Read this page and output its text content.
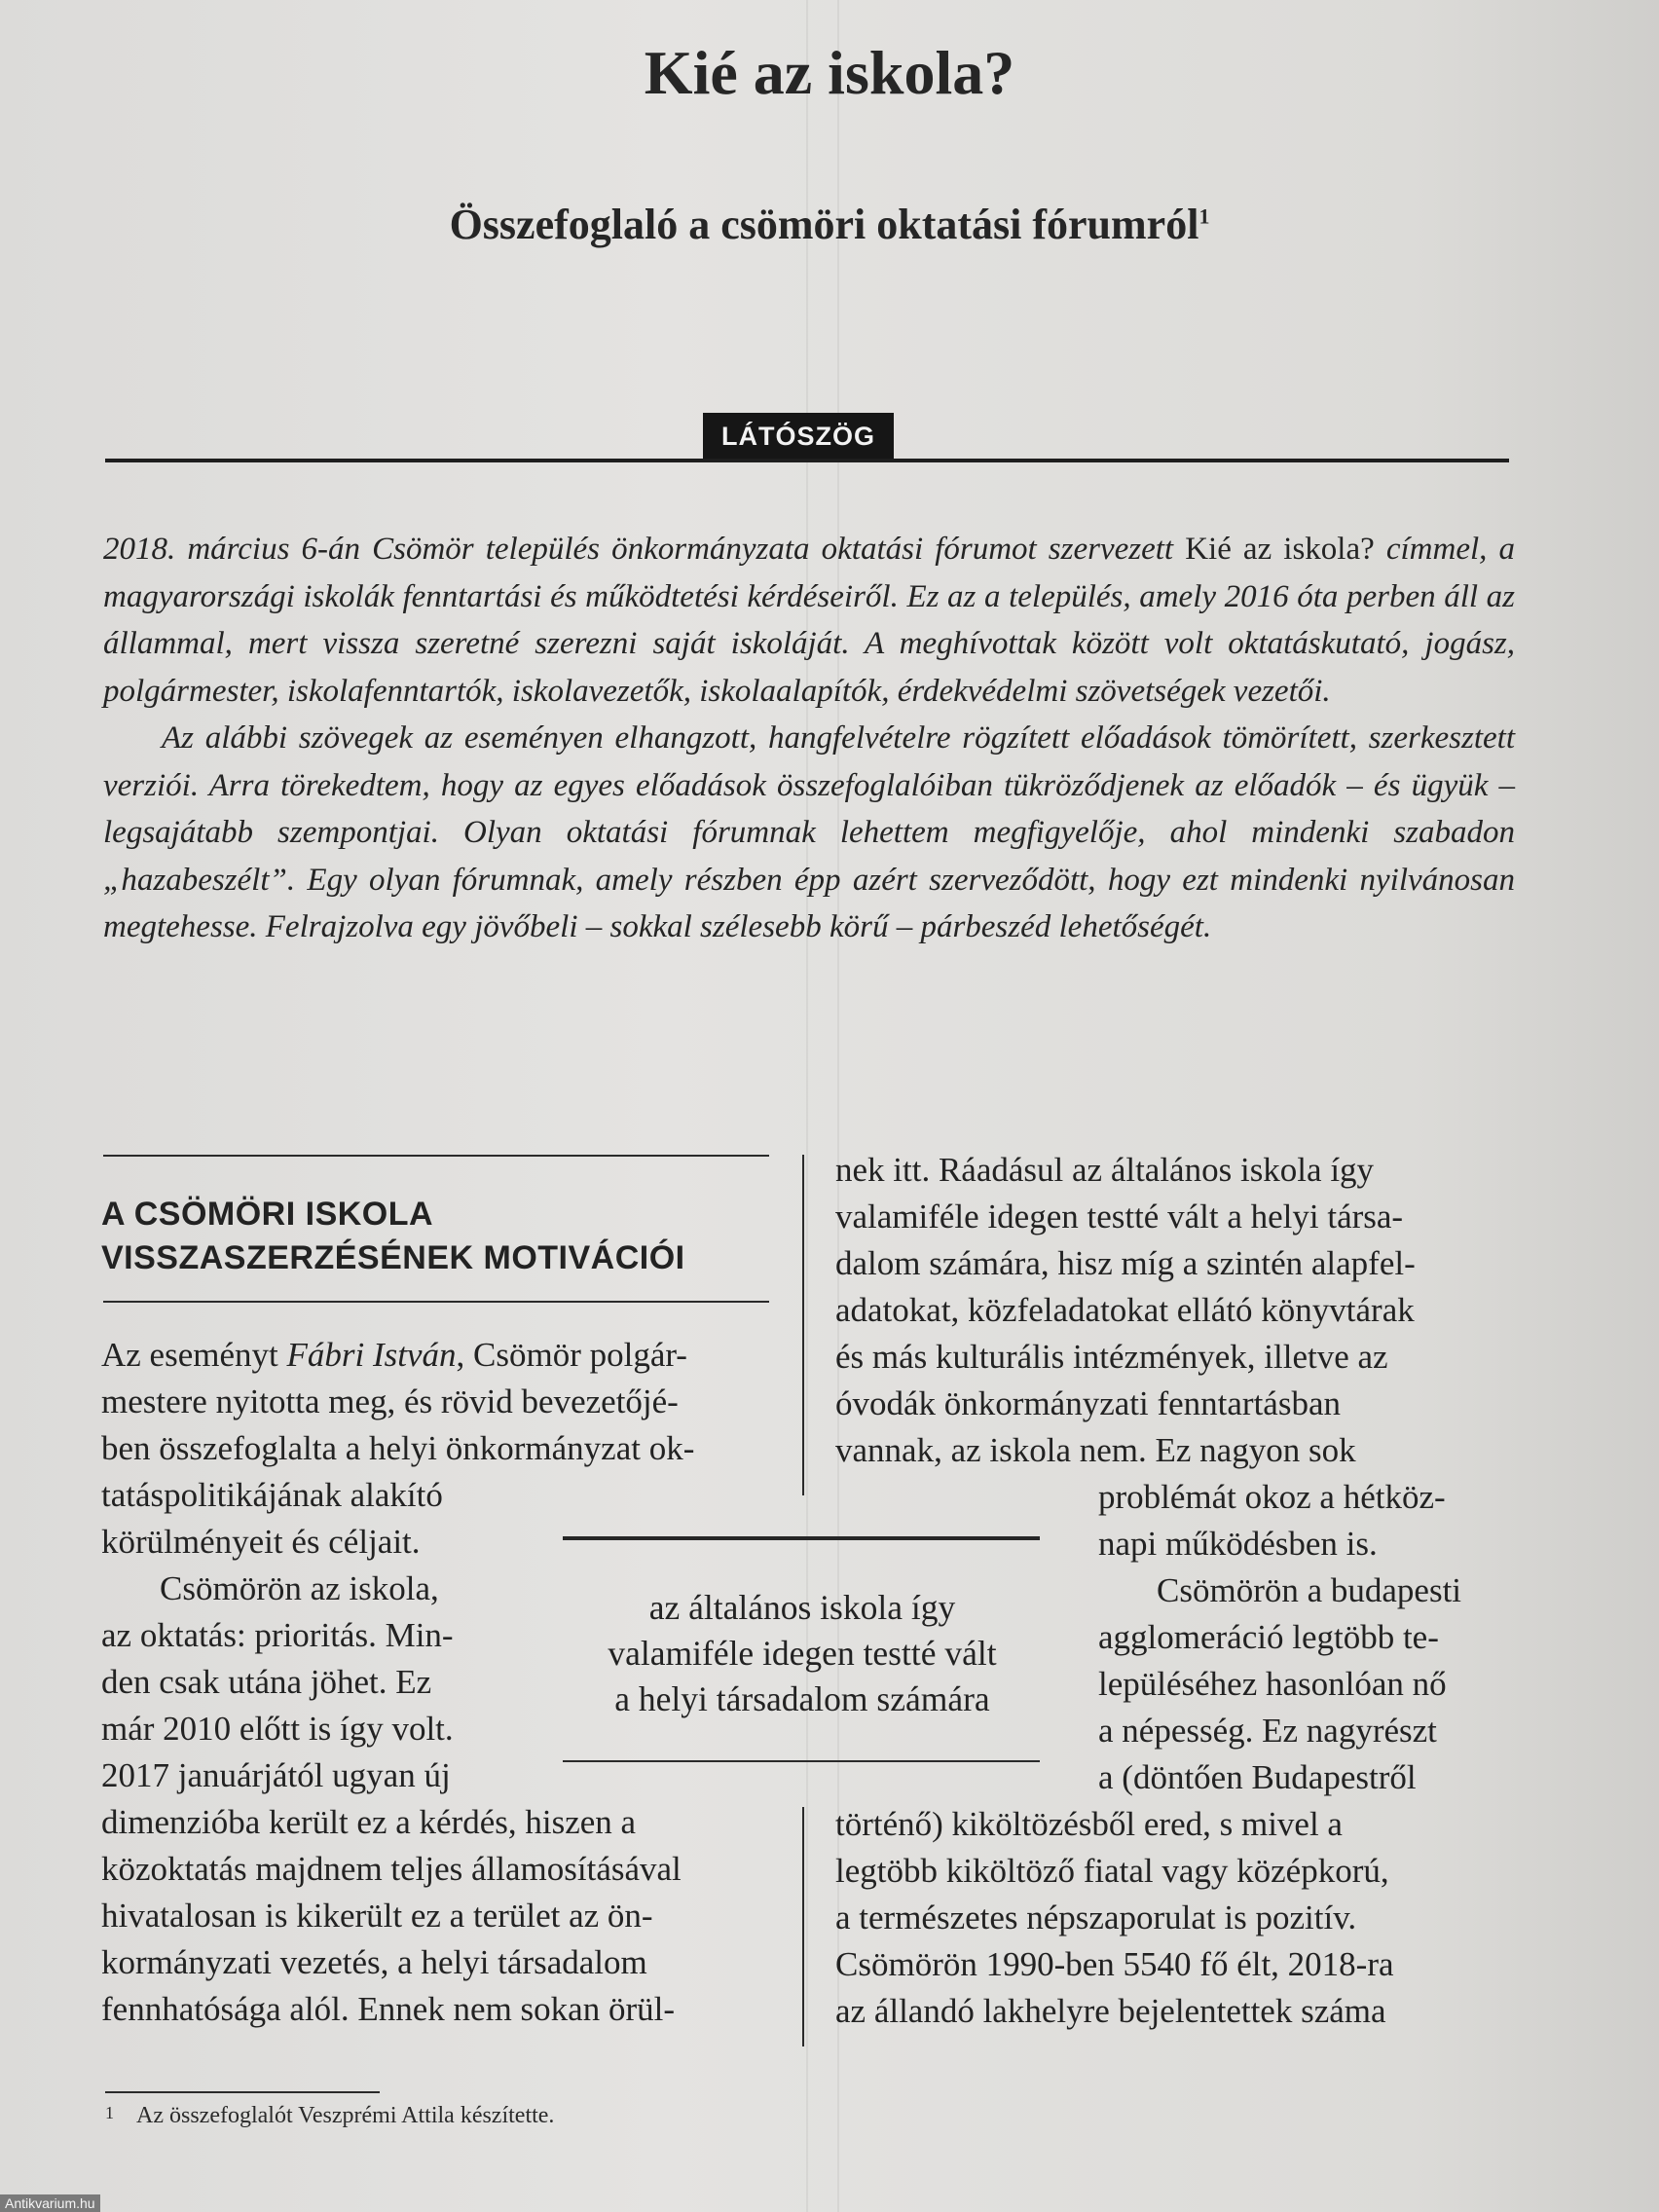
Kié az iskola?
Összefoglaló a csömöri oktatási fórumról$^1$
LÁTÓSZÖG

2018. március 6-án Csömör település önkormányzata oktatási fórumot szervezett Kié az iskola? címmel, a magyarországi iskolák fenntartási és működtetési kérdéseiről. Ez az a település, amely 2016 óta perben áll az állammal, mert vissza szeretné szerezni saját iskoláját. A meghívottak között volt oktatáskutató, jogász, polgármester, iskolafenntartók, iskolavezetők, iskolaalapítók, érdekvédelmi szövetségek vezetői.

Az alábbi szövegek az eseményen elhangzott, hangfelvételre rögzített előadások tömörített, szerkesztett verziói. Arra törekedtem, hogy az egyes előadások összefoglalóiban tükröződjenek az előadók – és ügyük – legsajátabb szempontjai. Olyan oktatási fórumnak lehettem megfigyelője, ahol mindenki szabadon „hazabeszélt”. Egy olyan fórumnak, amely részben épp azért szerveződött, hogy ezt mindenki nyilvánosan megtehesse. Felrajzolva egy jövőbeli – sokkal szélesebb körű – párbeszéd lehetőségét.

A CSÖMÖRI ISKOLA
VISSZASZERZÉSÉNEK MOTIVÁCIÓI
Az eseményt Fábri István, Csömör polgár-
mestere nyitotta meg, és rövid bevezetőjé-
ben összefoglalta a helyi önkormányzat ok-
tatáspolitikájának alakító
körülményeit és céljait.
Csömörön az iskola,
az oktatás: prioritás. Min-
den csak utána jöhet. Ez
már 2010 előtt is így volt.
2017 januárjától ugyan új
dimenzióba került ez a kérdés, hiszen a
közoktatás majdnem teljes államosításával
hivatalosan is kikerült ez a terület az ön-
kormányzati vezetés, a helyi társadalom
fennhatósága alól. Ennek nem sokan örül-
nek itt. Ráadásul az általános iskola így
valamiféle idegen testté vált a helyi társa-
dalom számára, hisz míg a szintén alapfel-
adatokat, közfeladatokat ellátó könyvtárak
és más kulturális intézmények, illetve az
óvodák önkormányzati fenntartásban
vannak, az iskola nem. Ez nagyon sok
problémát okoz a hétköz-
napi működésben is.
Csömörön a budapesti
agglomeráció legtöbb te-
lepüléséhez hasonlóan nő
a népesség. Ez nagyrészt
a (döntően Budapestről
történő) kiköltözésből ered, s mivel a
legtöbb kiköltöző fiatal vagy középkorú,
a természetes népszaporulat is pozitív.
Csömörön 1990-ben 5540 fő élt, 2018-ra
az állandó lakhelyre bejelentettek száma
az általános iskola így
valamiféle idegen testté vált
a helyi társadalom számára
1 Az összefoglalót Veszprémi Attila készítette.
Antikvarium.hu
